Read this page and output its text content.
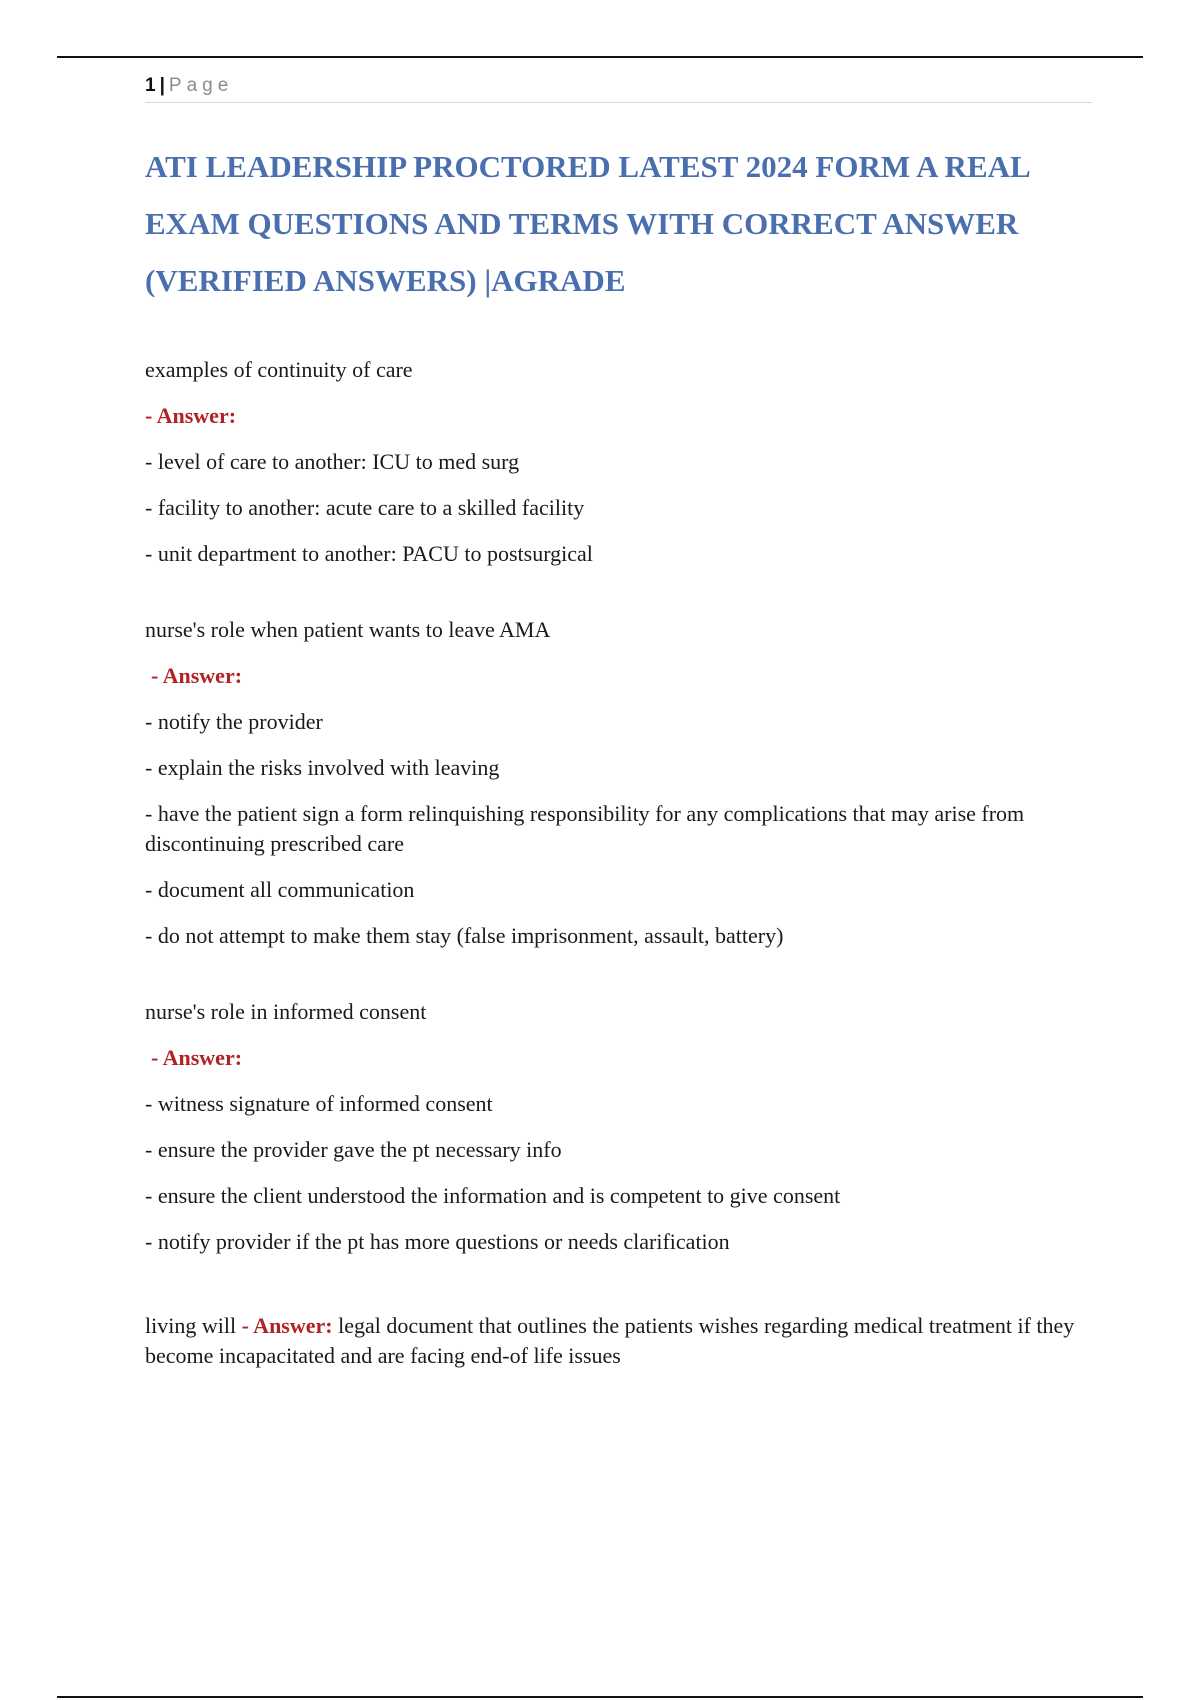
1 | Page
ATI LEADERSHIP PROCTORED LATEST 2024 FORM A REAL
EXAM QUESTIONS AND TERMS WITH CORRECT ANSWER
(VERIFIED ANSWERS) |AGRADE

examples of continuity of care

- Answer:

- level of care to another: ICU to med surg

- facility to another: acute care to a skilled facility

- unit department to another: PACU to postsurgical

nurse's role when patient wants to leave AMA

- Answer:

- notify the provider

- explain the risks involved with leaving

- have the patient sign a form relinquishing responsibility for any complications that may arise from discontinuing prescribed care

- document all communication

- do not attempt to make them stay (false imprisonment, assault, battery)

nurse's role in informed consent

- Answer:

- witness signature of informed consent

- ensure the provider gave the pt necessary info

- ensure the client understood the information and is competent to give consent

- notify provider if the pt has more questions or needs clarification

living will - Answer: legal document that outlines the patients wishes regarding medical treatment if they become incapacitated and are facing end-of life issues
